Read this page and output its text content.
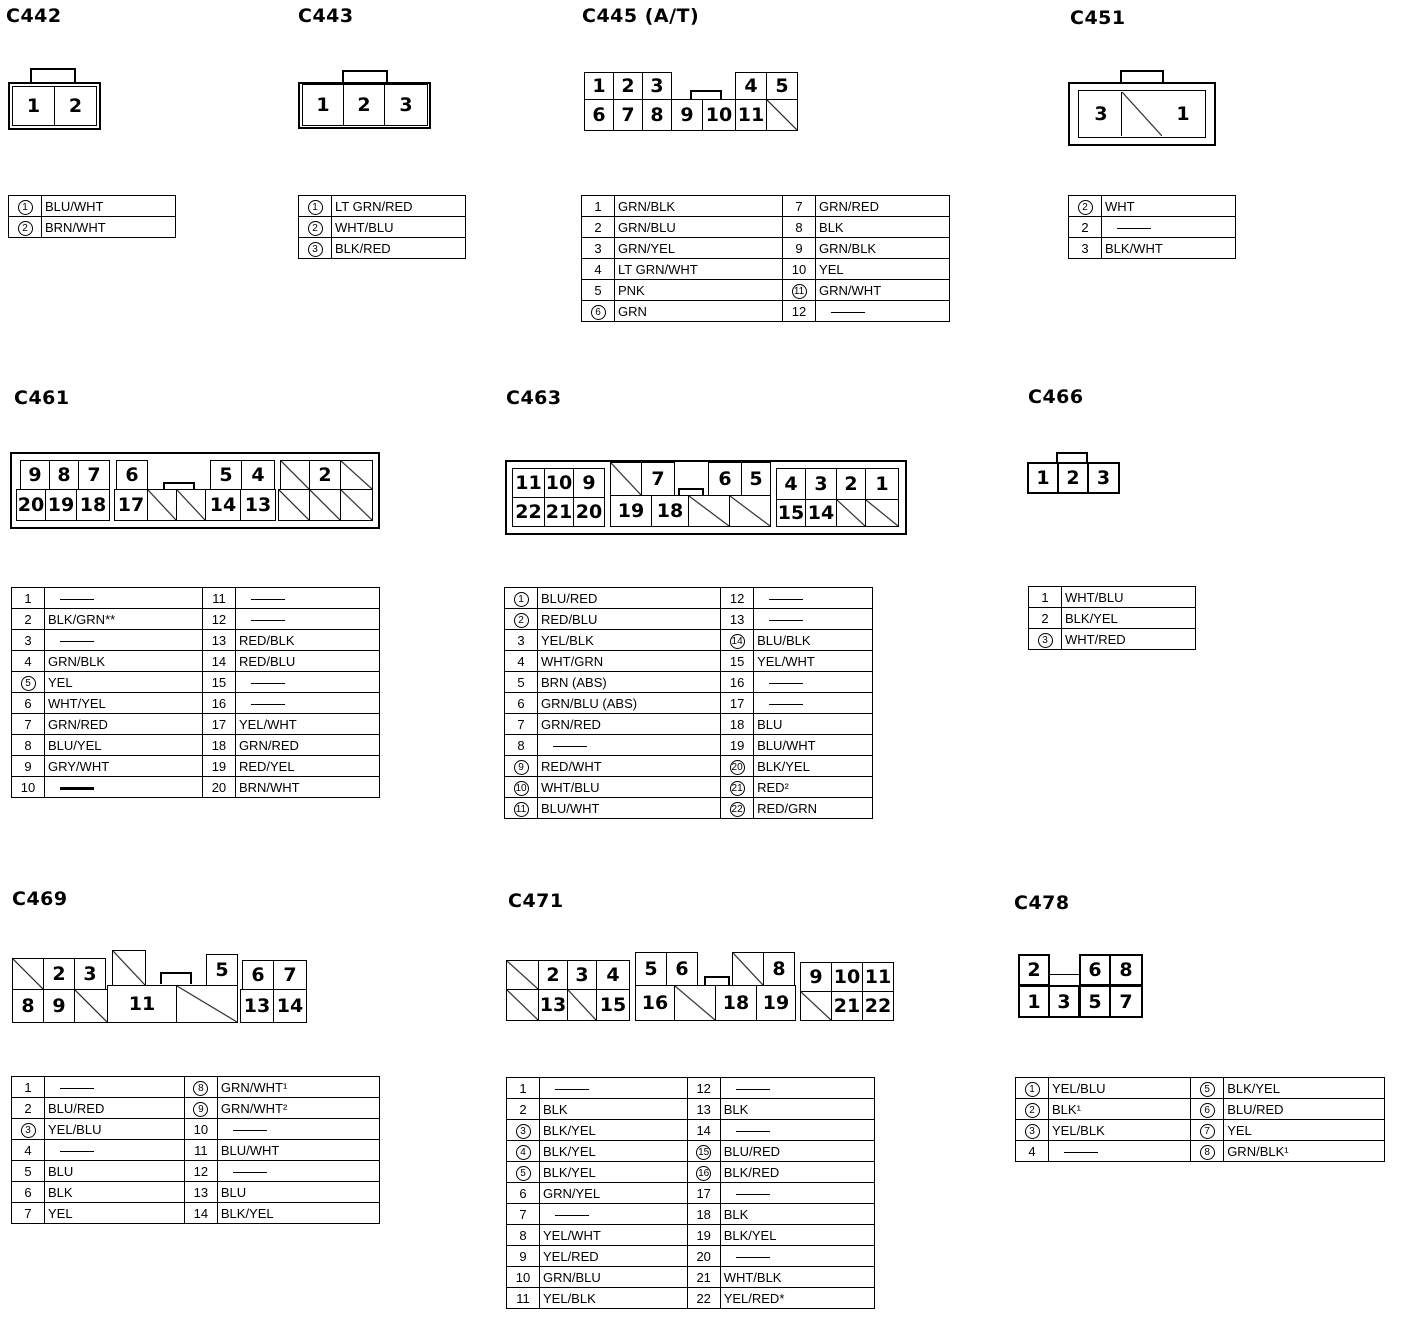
C442	C443	C445 (A/T)	C451
1	2	1	2	3
1 2 3	4 5
6 7 8 9 10 11	3	1
1	BLU/WHT
2	BRN/WHT
1	LT GRN/RED
2	WHT/BLU
3	BLK/RED
1	GRN/BLK	7	GRN/RED
2	GRN/BLU	8	BLK
3	GRN/YEL	9	GRN/BLK
4	LT GRN/WHT	10	YEL
5	PNK	11	GRN/WHT
6	GRN	12	
2	WHT
2	
3	BLK/WHT
C461	C463	C466
9 8 7	6	5 4	2
20 19 18 17	14 13
11 10 9	7	6 5	4 3 2 1
22 21 20 19 18	15 14
1 2 3
1		11	
2	BLK/GRN**	12	
3		13	RED/BLK
4	GRN/BLK	14	RED/BLU
5	YEL	15	
6	WHT/YEL	16	
7	GRN/RED	17	YEL/WHT
8	BLU/YEL	18	GRN/RED
9	GRY/WHT	19	RED/YEL
10		20	BRN/WHT
1	BLU/RED	12	
2	RED/BLU	13	
3	YEL/BLK	14	BLU/BLK
4	WHT/GRN	15	YEL/WHT
5	BRN (ABS)	16	
6	GRN/BLU (ABS)	17	
7	GRN/RED	18	BLU
8		19	BLU/WHT
9	RED/WHT	20	BLK/YEL
10	WHT/BLU	21	RED²
11	BLU/WHT	22	RED/GRN
1	WHT/BLU
2	BLK/YEL
3	WHT/RED
C469	C471	C478
2 3	5	6 7
8 9	11	13 14
2 3 4	5 6	8	9 10 11
13 15 16	18 19	21 22
2	6 8
1 3 5 7
1		8	GRN/WHT¹
2	BLU/RED	9	GRN/WHT²
3	YEL/BLU	10	
4		11	BLU/WHT
5	BLU	12	
6	BLK	13	BLU
7	YEL	14	BLK/YEL
1		12	
2	BLK	13	BLK
3	BLK/YEL	14	
4	BLK/YEL	15	BLU/RED
5	BLK/YEL	16	BLK/RED
6	GRN/YEL	17	
7		18	BLK
8	YEL/WHT	19	BLK/YEL
9	YEL/RED	20	
10	GRN/BLU	21	WHT/BLK
11	YEL/BLK	22	YEL/RED*
1	YEL/BLU	5	BLK/YEL
2	BLK¹	6	BLU/RED
3	YEL/BLK	7	YEL
4		8	GRN/BLK¹
